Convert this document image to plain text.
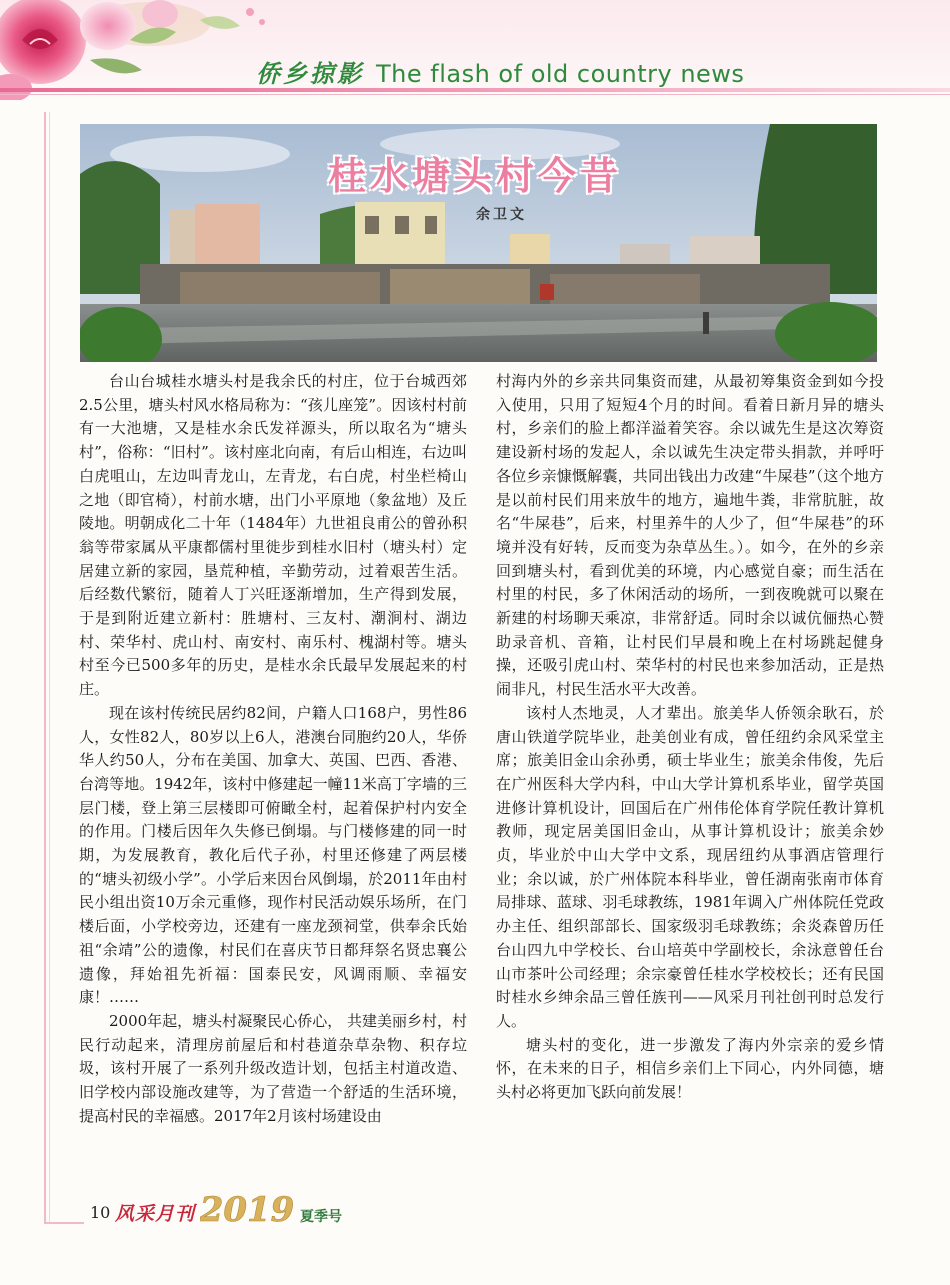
侨乡掠影 The flash of old country news
桂水塘头村今昔
余卫文

台山台城桂水塘头村是我余氏的村庄，位于台城西郊2.5公里，塘头村风水格局称为：“孩儿座笼”。因该村村前有一大池塘，又是桂水余氏发祥源头，所以取名为“塘头村”，俗称：“旧村”。该村座北向南，有后山相连，右边叫白虎咀山，左边叫青龙山，左青龙，右白虎，村坐栏椅山之地（即官椅），村前水塘，出门小平原地（象盆地）及丘陵地。明朝成化二十年（1484年）九世祖良甫公的曾孙积翁等带家属从平康都儒村里徙步到桂水旧村（塘头村）定居建立新的家园，垦荒种植，辛勤劳动，过着艰苦生活。后经数代繁衍，随着人丁兴旺逐渐增加，生产得到发展，于是到附近建立新村：胜塘村、三友村、潮涧村、湖边村、荣华村、虎山村、南安村、南乐村、槐湖村等。塘头村至今已500多年的历史，是桂水余氏最早发展起来的村庄。

现在该村传统民居约82间，户籍人口168户，男性86人，女性82人，80岁以上6人，港澳台同胞约20人，华侨华人约50人，分布在美国、加拿大、英国、巴西、香港、台湾等地。1942年，该村中修建起一幢11米高丁字墙的三层门楼，登上第三层楼即可俯瞰全村，起着保护村内安全的作用。门楼后因年久失修已倒塌。与门楼修建的同一时期，为发展教育，教化后代子孙，村里还修建了两层楼的“塘头初级小学”。小学后来因台风倒塌，於2011年由村民小组出资10万余元重修，现作村民活动娱乐场所，在门楼后面，小学校旁边，还建有一座龙颈祠堂，供奉余氏始祖“余靖”公的遗像，村民们在喜庆节日都拜祭名贤忠襄公遗像，拜始祖先祈福：国泰民安，风调雨顺、幸福安康！……

2000年起，塘头村凝聚民心侨心， 共建美丽乡村，村民行动起来，清理房前屋后和村巷道杂草杂物、积存垃圾，该村开展了一系列升级改造计划，包括主村道改造、旧学校内部设施改建等，为了营造一个舒适的生活环境，提高村民的幸福感。2017年2月该村场建设由

村海内外的乡亲共同集资而建，从最初筹集资金到如今投入使用，只用了短短4个月的时间。看着日新月异的塘头村，乡亲们的脸上都洋溢着笑容。余以诚先生是这次筹资建设新村场的发起人，余以诚先生决定带头捐款，并呼吁各位乡亲慷慨解囊，共同出钱出力改建“牛屎巷”（这个地方是以前村民们用来放牛的地方，遍地牛粪，非常肮脏，故名“牛屎巷”，后来，村里养牛的人少了，但“牛屎巷”的环境并没有好转，反而变为杂草丛生。）。如今，在外的乡亲回到塘头村，看到优美的环境，内心感觉自豪；而生活在村里的村民，多了休闲活动的场所，一到夜晚就可以聚在新建的村场聊天乘凉，非常舒适。同时余以诚伉俪热心赞助录音机、音箱，让村民们早晨和晚上在村场跳起健身操，还吸引虎山村、荣华村的村民也来参加活动，正是热闹非凡，村民生活水平大改善。

该村人杰地灵，人才辈出。旅美华人侨领余耿石，於唐山铁道学院毕业，赴美创业有成，曾任纽约余风采堂主席；旅美旧金山余孙勇，硕士毕业生；旅美余伟俊，先后在广州医科大学内科，中山大学计算机系毕业，留学英国进修计算机设计，回国后在广州伟伦体育学院任教计算机教师，现定居美国旧金山，从事计算机设计；旅美余妙贞，毕业於中山大学中文系，现居纽约从事酒店管理行业；余以诚，於广州体院本科毕业，曾任湖南张南市体育局排球、蓝球、羽毛球教练，1981年调入广州体院任党政办主任、组织部部长、国家级羽毛球教练；余炎森曾历任台山四九中学校长、台山培英中学副校长，余泳意曾任台山市茶叶公司经理；余宗豪曾任桂水学校校长；还有民国时桂水乡绅余品三曾任族刊——风采月刊社创刊时总发行人。

塘头村的变化，进一步激发了海内外宗亲的爱乡情怀，在未来的日子，相信乡亲们上下同心，内外同德，塘头村必将更加飞跃向前发展！

10 风采月刊 2019 夏季号
